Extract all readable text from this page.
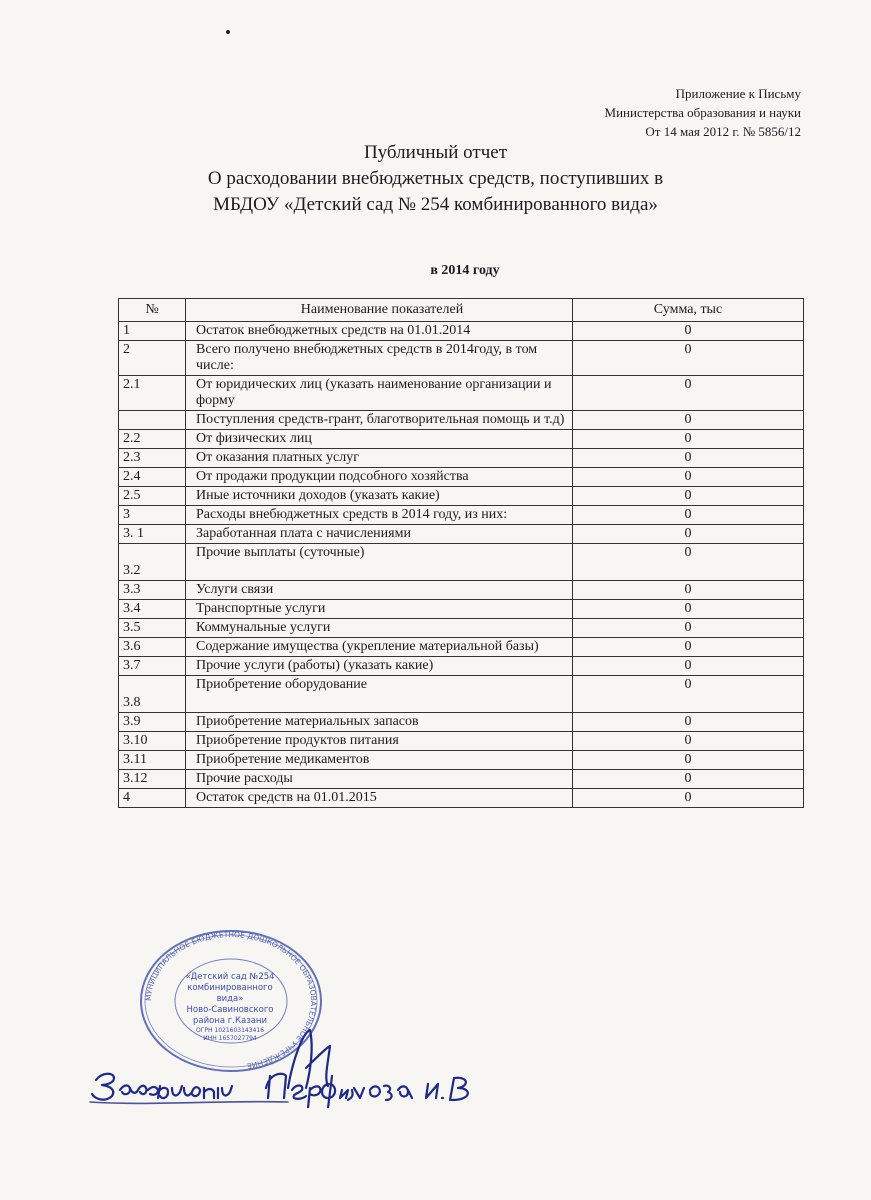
Приложение к Письму
Министерства образования и науки
От 14 мая 2012 г. № 5856/12
Публичный отчет
О расходовании внебюджетных средств, поступивших в
МБДОУ «Детский сад № 254 комбинированного вида»
в 2014 году
№	Наименование показателей	Сумма, тыс
1	Остаток внебюджетных средств на 01.01.2014	0
2	Всего получено внебюджетных средств в 2014году, в том числе:	0
2.1	От юридических лиц (указать наименование организации и форму	0
	Поступления средств-грант, благотворительная помощь и т.д)	0
2.2	От физических лиц	0
2.3	От оказания платных услуг	0
2.4	От продажи продукции подсобного хозяйства	0
2.5	Иные источники доходов (указать какие)	0
3	Расходы внебюджетных средств в 2014 году, из них:	0
3. 1	Заработанная плата с начислениями	0
3.2	Прочие выплаты (суточные)	0
3.3	Услуги связи	0
3.4	Транспортные услуги	0
3.5	Коммунальные услуги	0
3.6	Содержание имущества (укрепление материальной базы)	0
3.7	Прочие услуги (работы) (указать какие)	0
3.8	Приобретение оборудование	0
3.9	Приобретение материальных запасов	0
3.10	Приобретение продуктов питания	0
3.11	Приобретение медикаментов	0
3.12	Прочие расходы	0
4	Остаток средств на 01.01.2015	0
МУНИЦИПАЛЬНОЕ БЮДЖЕТНОЕ ДОШКОЛЬНОЕ ОБРАЗОВАТЕЛЬНОЕ УЧРЕЖДЕНИЕ
«Детский сад №254
комбинированного вида»
Ново-Савиновского
района г.Казани
ОГРН 1021603143416
ИНН 1657027794
